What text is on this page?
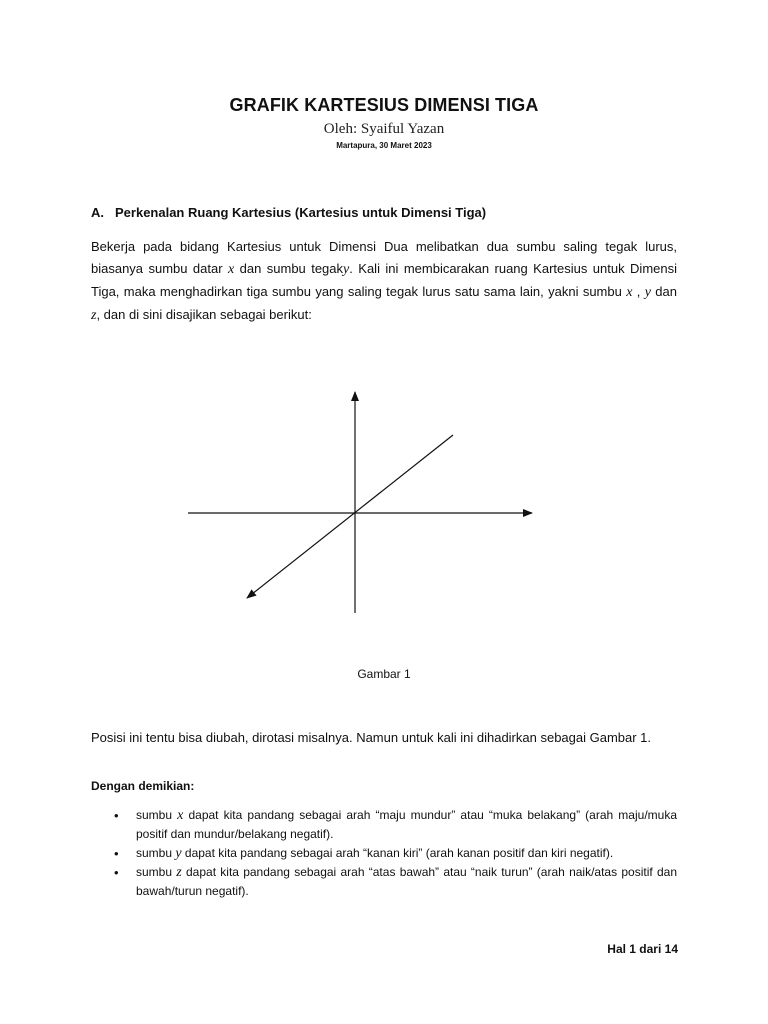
GRAFIK KARTESIUS DIMENSI TIGA
Oleh: Syaiful Yazan
Martapura, 30 Maret 2023
A. Perkenalan Ruang Kartesius (Kartesius untuk Dimensi Tiga)
Bekerja pada bidang Kartesius untuk Dimensi Dua melibatkan dua sumbu saling tegak lurus, biasanya sumbu datar x dan sumbu tegaky. Kali ini membicarakan ruang Kartesius untuk Dimensi Tiga, maka menghadirkan tiga sumbu yang saling tegak lurus satu sama lain, yakni sumbu x , y dan z, dan di sini disajikan sebagai berikut:
Gambar 1
Posisi ini tentu bisa diubah, dirotasi misalnya. Namun untuk kali ini dihadirkan sebagai Gambar 1.
Dengan demikian:
• sumbu x dapat kita pandang sebagai arah “maju mundur” atau “muka belakang” (arah maju/muka positif dan mundur/belakang negatif).
• sumbu y dapat kita pandang sebagai arah “kanan kiri” (arah kanan positif dan kiri negatif).
• sumbu z dapat kita pandang sebagai arah “atas bawah” atau “naik turun” (arah naik/atas positif dan bawah/turun negatif).
Hal 1 dari 14
